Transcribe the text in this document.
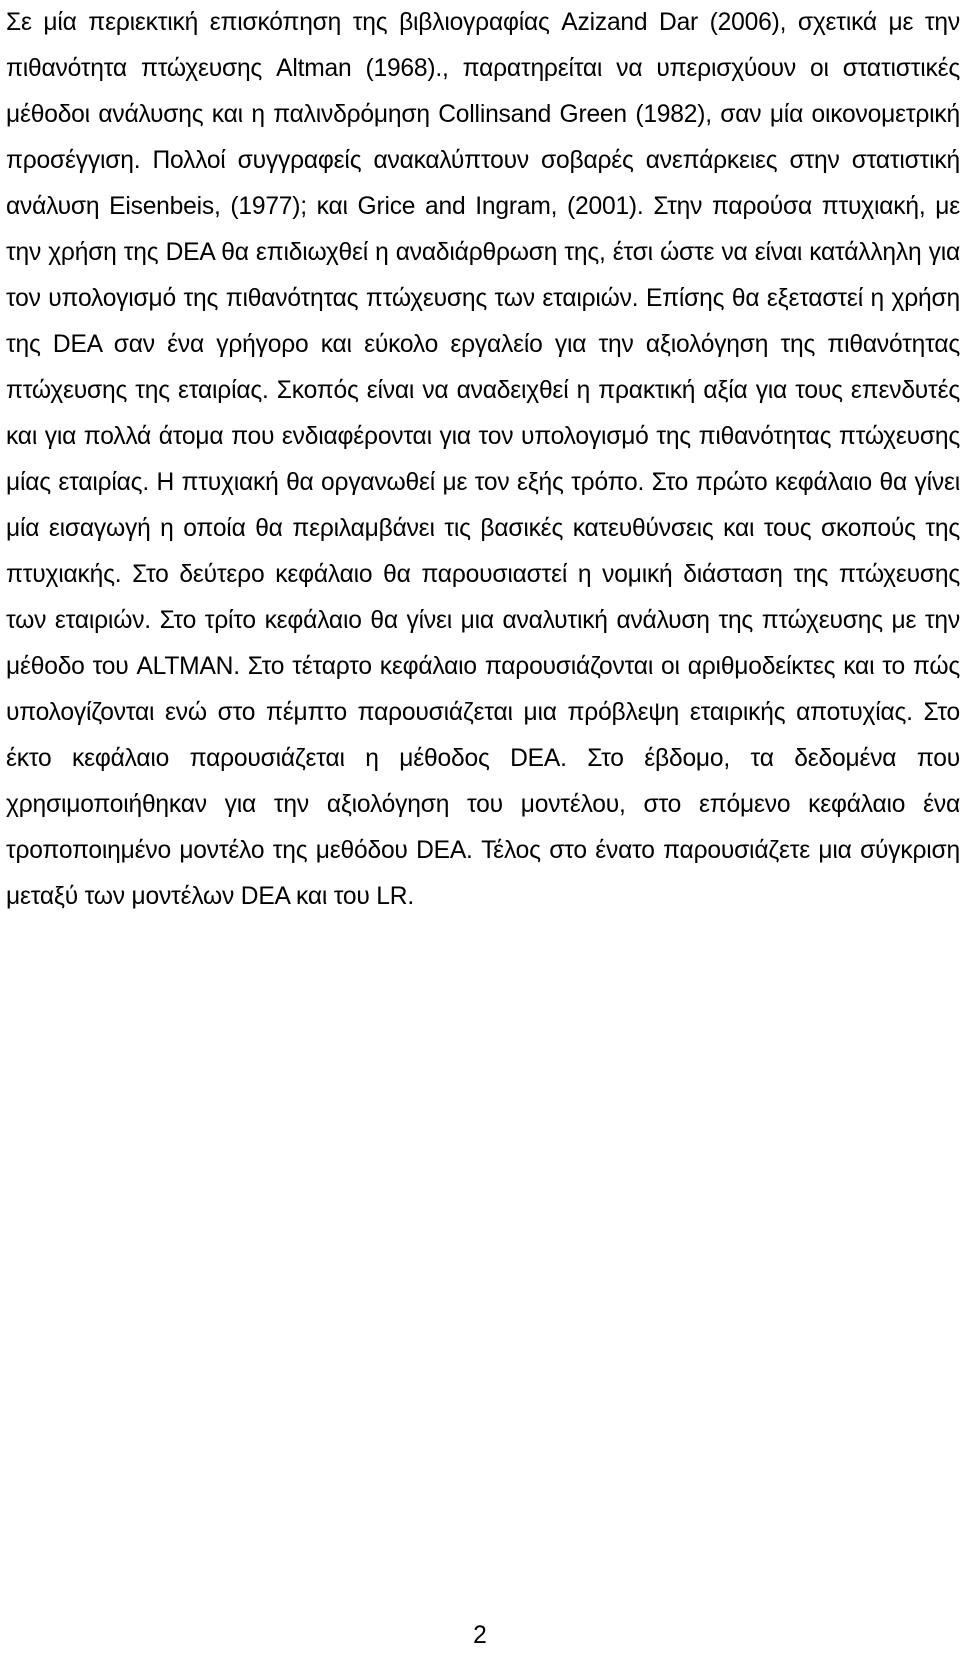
Σε μία περιεκτική επισκόπηση της βιβλιογραφίας Azizand Dar (2006), σχετικά με την πιθανότητα πτώχευσης Altman (1968)., παρατηρείται να υπερισχύουν οι στατιστικές μέθοδοι ανάλυσης και η παλινδρόμηση Collinsand Green (1982), σαν μία οικονομετρική προσέγγιση. Πολλοί συγγραφείς ανακαλύπτουν σοβαρές ανεπάρκειες στην στατιστική ανάλυση Eisenbeis, (1977); και Grice and Ingram, (2001). Στην παρούσα πτυχιακή, με την χρήση της DEA θα επιδιωχθεί η αναδιάρθρωση της, έτσι ώστε να είναι κατάλληλη για τον υπολογισμό της πιθανότητας πτώχευσης των εταιριών. Επίσης θα εξεταστεί η χρήση της DEA σαν ένα γρήγορο και εύκολο εργαλείο για την αξιολόγηση της πιθανότητας πτώχευσης της εταιρίας. Σκοπός είναι να αναδειχθεί η πρακτική αξία για τους επενδυτές και για πολλά άτομα που ενδιαφέρονται για τον υπολογισμό της πιθανότητας πτώχευσης μίας εταιρίας. Η πτυχιακή θα οργανωθεί με τον εξής τρόπο. Στο πρώτο κεφάλαιο θα γίνει μία εισαγωγή η οποία θα περιλαμβάνει τις βασικές κατευθύνσεις και τους σκοπούς της πτυχιακής. Στο δεύτερο κεφάλαιο θα παρουσιαστεί η νομική διάσταση της πτώχευσης των εταιριών. Στο τρίτο κεφάλαιο θα γίνει μια αναλυτική ανάλυση της πτώχευσης με την μέθοδο του ALTMAN. Στο τέταρτο κεφάλαιο παρουσιάζονται οι αριθμοδείκτες και το πώς υπολογίζονται ενώ στο πέμπτο παρουσιάζεται μια πρόβλεψη εταιρικής αποτυχίας. Στο έκτο κεφάλαιο παρουσιάζεται η μέθοδος DEA. Στο έβδομο, τα δεδομένα που χρησιμοποιήθηκαν για την αξιολόγηση του μοντέλου, στο επόμενο κεφάλαιο ένα τροποποιημένο μοντέλο της μεθόδου DEA. Τέλος στο ένατο παρουσιάζετε μια σύγκριση μεταξύ των μοντέλων DEA και του LR.

2
